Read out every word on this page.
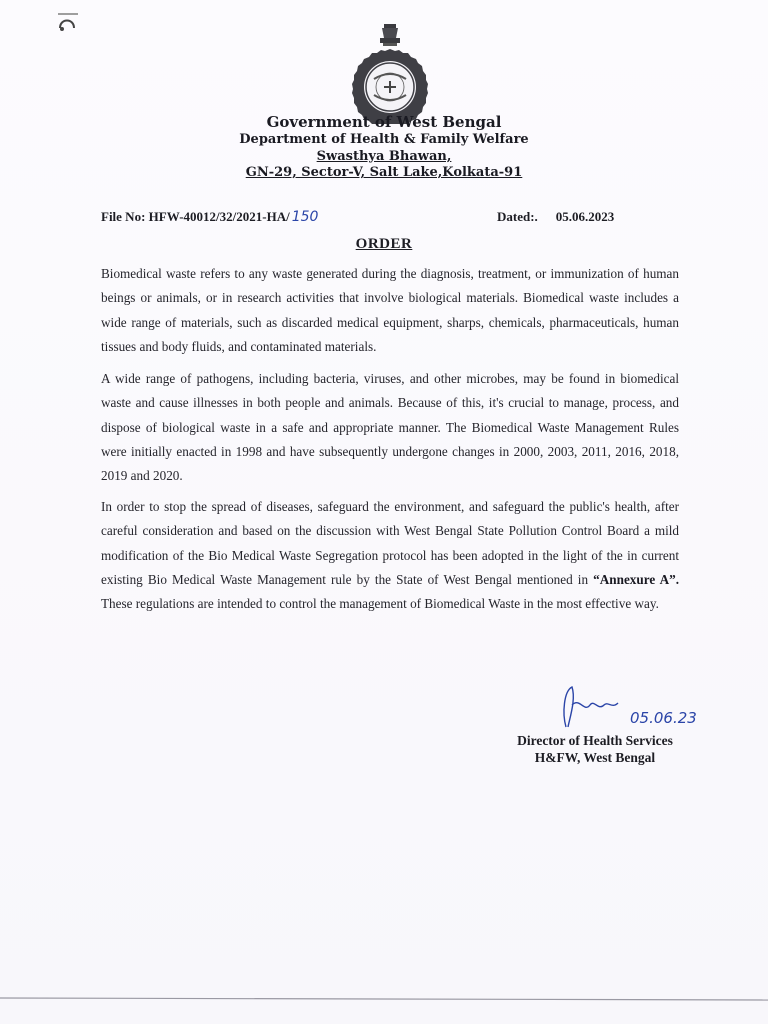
Government of West Bengal
Department of Health & Family Welfare
Swasthya Bhawan,
GN-29, Sector-V, Salt Lake,Kolkata-91
File No: HFW-40012/32/2021-HA/ 150	Dated:. 05.06.2023
ORDER
Biomedical waste refers to any waste generated during the diagnosis, treatment, or immunization of human beings or animals, or in research activities that involve biological materials. Biomedical waste includes a wide range of materials, such as discarded medical equipment, sharps, chemicals, pharmaceuticals, human tissues and body fluids, and contaminated materials.
A wide range of pathogens, including bacteria, viruses, and other microbes, may be found in biomedical waste and cause illnesses in both people and animals. Because of this, it's crucial to manage, process, and dispose of biological waste in a safe and appropriate manner. The Biomedical Waste Management Rules were initially enacted in 1998 and have subsequently undergone changes in 2000, 2003, 2011, 2016, 2018, 2019 and 2020.
In order to stop the spread of diseases, safeguard the environment, and safeguard the public's health, after careful consideration and based on the discussion with West Bengal State Pollution Control Board a mild modification of the Bio Medical Waste Segregation protocol has been adopted in the light of the in current existing Bio Medical Waste Management rule by the State of West Bengal mentioned in “Annexure A”. These regulations are intended to control the management of Biomedical Waste in the most effective way.
05.06.23
Director of Health Services
H&FW, West Bengal
